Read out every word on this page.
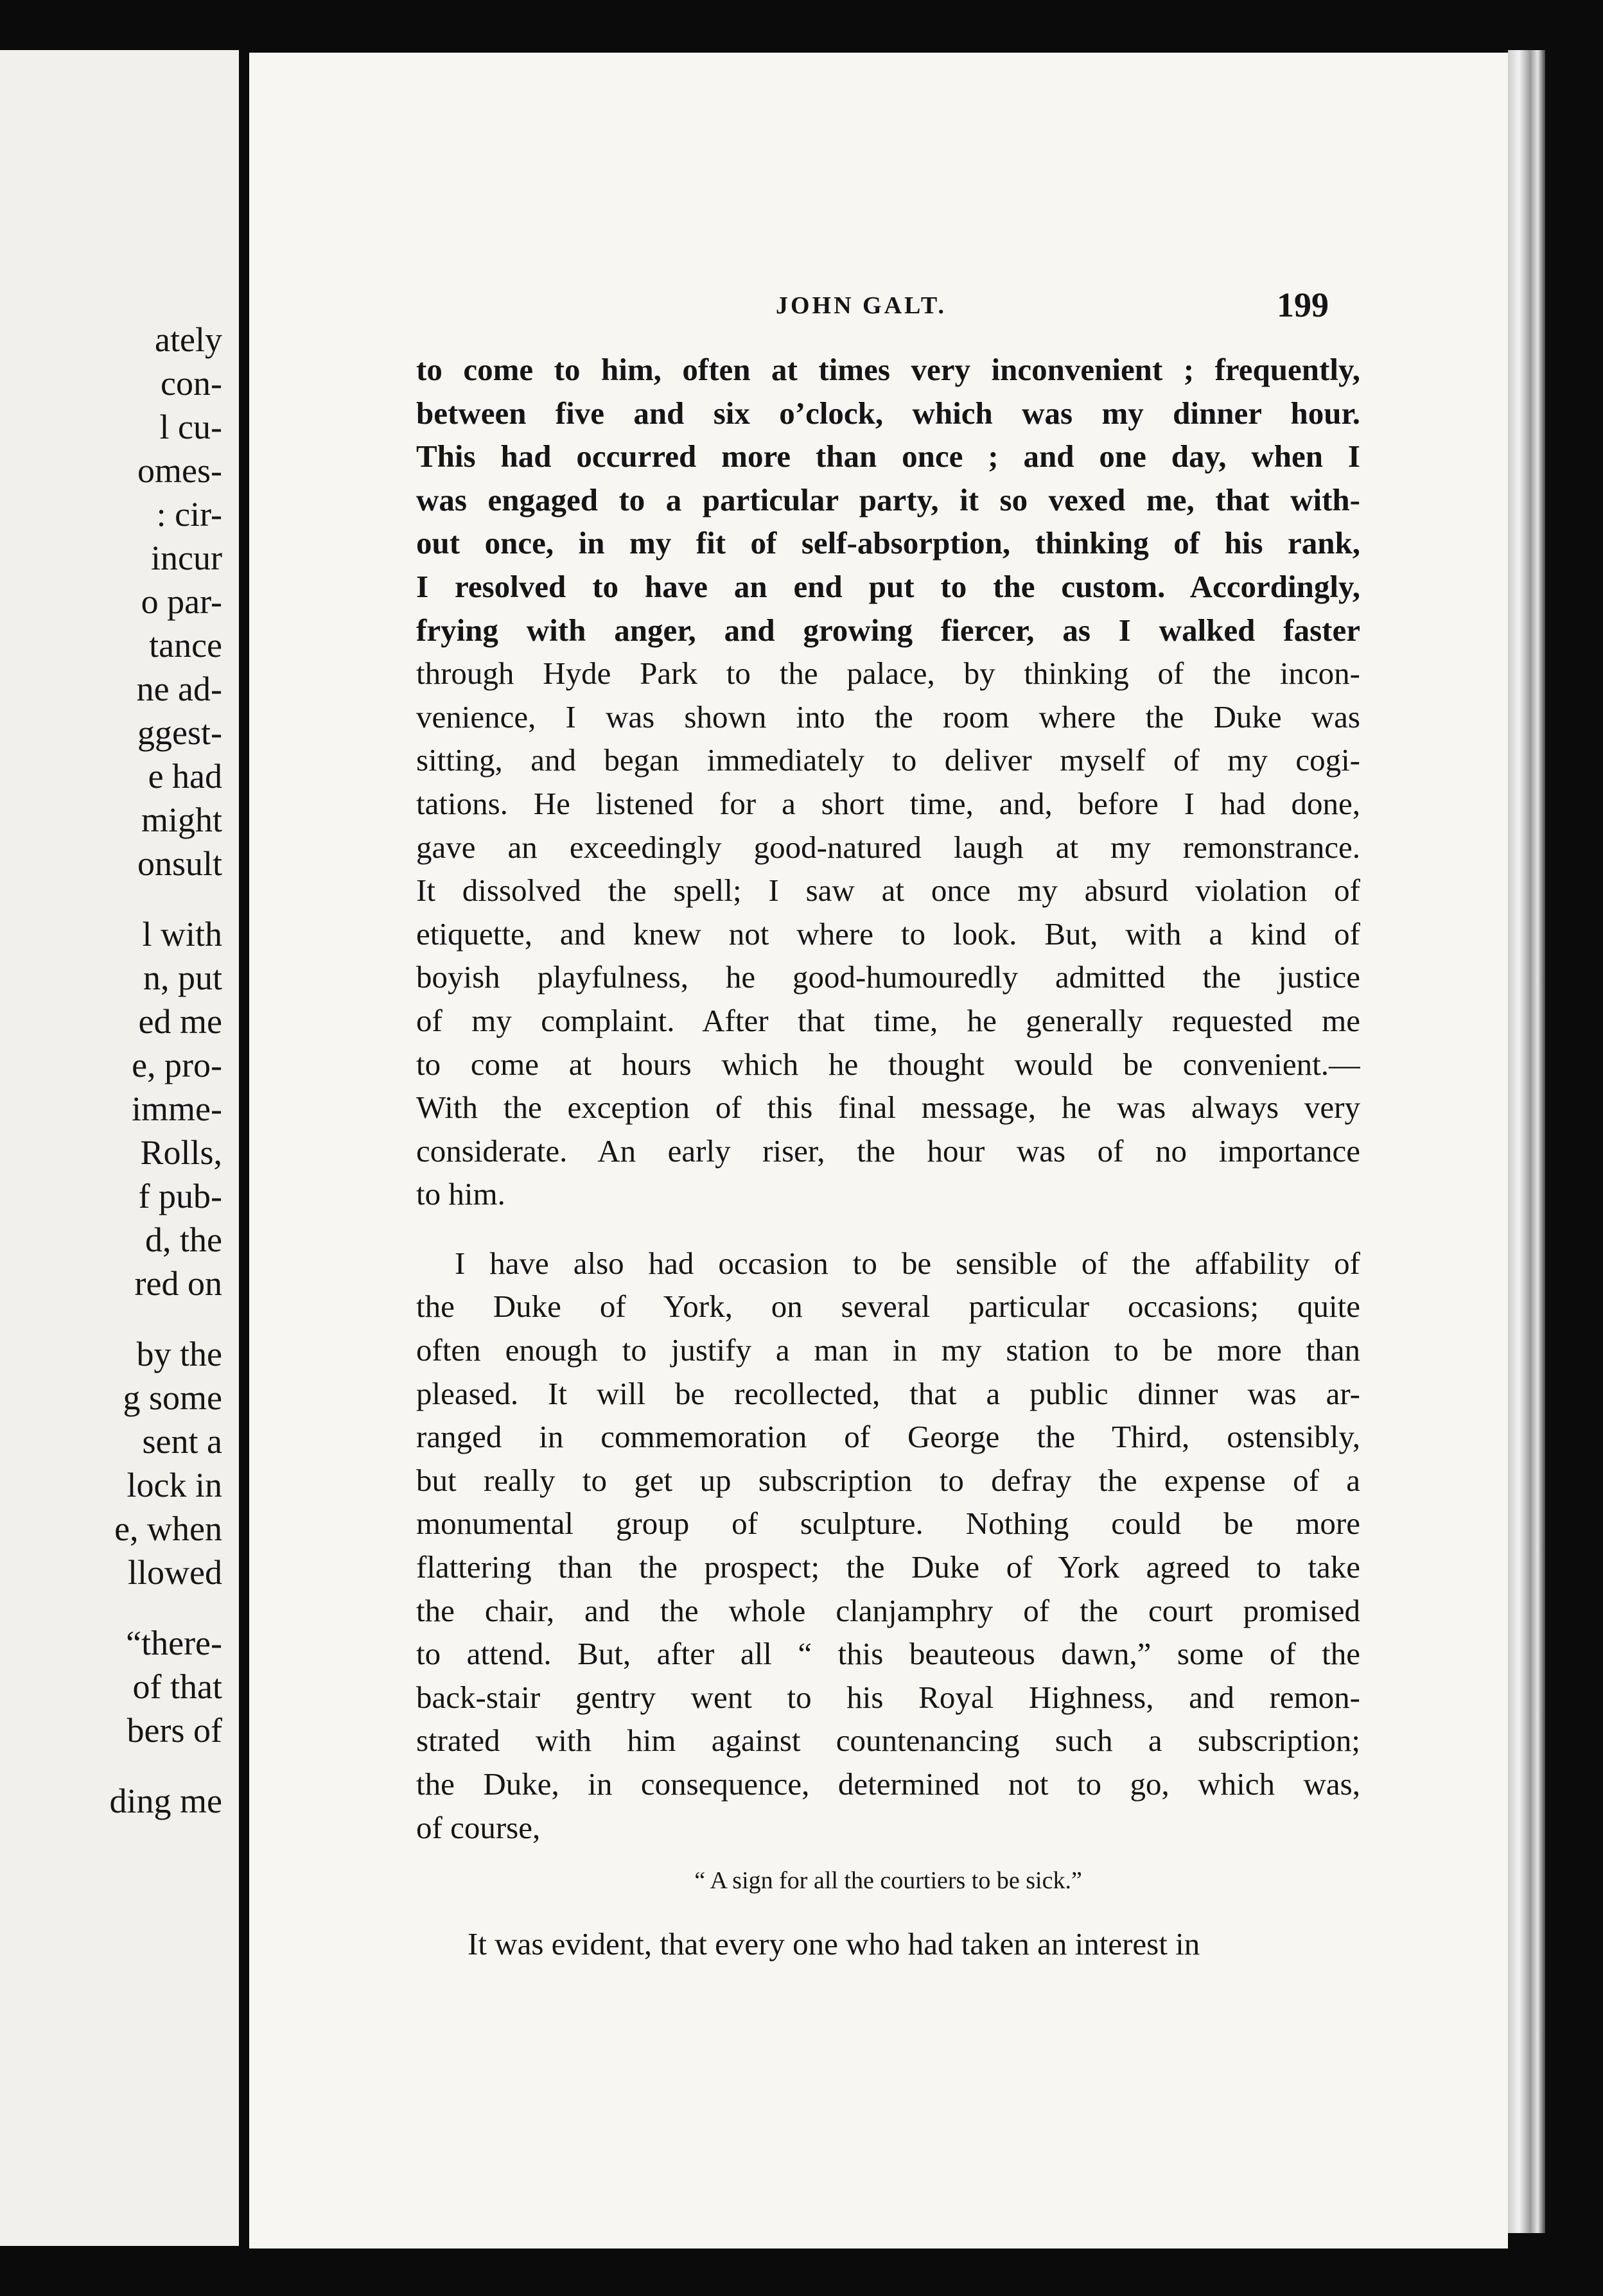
ately
con-
l cu-
omes-
: cir-
incur
o par-
tance
ne ad-
ggest-
e had
might
onsult
l with
n, put
ed me
e, pro-
imme-
Rolls,
f pub-
d, the
red on
by the
g some
sent a
lock in
e, when
llowed
“there-
of that
bers of
ding me
JOHN GALT.	199
to come to him, often at times very inconvenient ; frequently,
between five and six o’clock, which was my dinner hour.
This had occurred more than once ; and one day, when I
was engaged to a particular party, it so vexed me, that with-
out once, in my fit of self-absorption, thinking of his rank,
I resolved to have an end put to the custom. Accordingly,
frying with anger, and growing fiercer, as I walked faster
through Hyde Park to the palace, by thinking of the incon-
venience, I was shown into the room where the Duke was
sitting, and began immediately to deliver myself of my cogi-
tations. He listened for a short time, and, before I had done,
gave an exceedingly good-natured laugh at my remonstrance.
It dissolved the spell; I saw at once my absurd violation of
etiquette, and knew not where to look. But, with a kind of
boyish playfulness, he good-humouredly admitted the justice
of my complaint. After that time, he generally requested me
to come at hours which he thought would be convenient.—
With the exception of this final message, he was always very
considerate. An early riser, the hour was of no importance
to him.
I have also had occasion to be sensible of the affability of
the Duke of York, on several particular occasions; quite
often enough to justify a man in my station to be more than
pleased. It will be recollected, that a public dinner was ar-
ranged in commemoration of George the Third, ostensibly,
but really to get up subscription to defray the expense of a
monumental group of sculpture. Nothing could be more
flattering than the prospect; the Duke of York agreed to take
the chair, and the whole clanjamphry of the court promised
to attend. But, after all “ this beauteous dawn,” some of the
back-stair gentry went to his Royal Highness, and remon-
strated with him against countenancing such a subscription;
the Duke, in consequence, determined not to go, which was,
of course,
“ A sign for all the courtiers to be sick.”
It was evident, that every one who had taken an interest in
